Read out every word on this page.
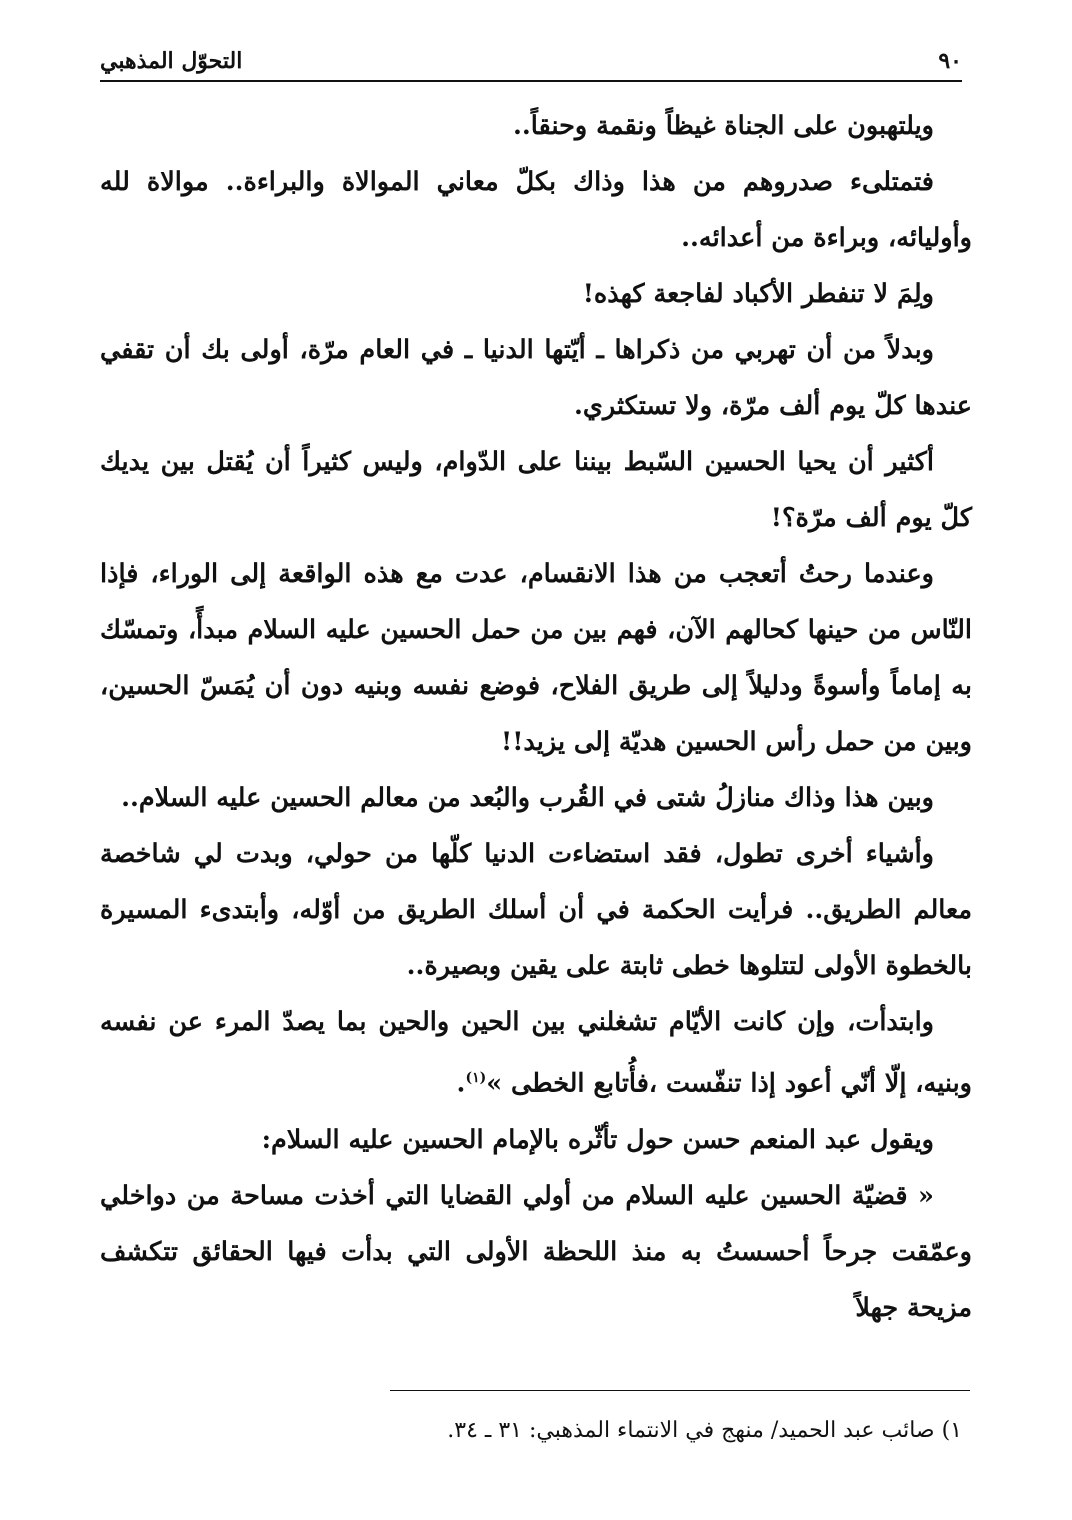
٩٠
التحوّل المذهبي

ويلتهبون على الجناة غيظاً ونقمة وحنقاً..

فتمتلىء صدروهم من هذا وذاك بكلّ معاني الموالاة والبراءة.. موالاة لله وأوليائه، وبراءة من أعدائه..

ولِمَ لا تنفطر الأكباد لفاجعة كهذه!

وبدلاً من أن تهربي من ذكراها ـ أيّتها الدنيا ـ في العام مرّة، أولى بك أن تقفي عندها كلّ يوم ألف مرّة، ولا تستكثري.

أكثير أن يحيا الحسين السّبط بيننا على الدّوام، وليس كثيراً أن يُقتل بين يديك كلّ يوم ألف مرّة؟!

وعندما رحتُ أتعجب من هذا الانقسام، عدت مع هذه الواقعة إلى الوراء، فإذا النّاس من حينها كحالهم الآن، فهم بين من حمل الحسين عليه السلام مبدأً، وتمسّك به إماماً وأسوةً ودليلاً إلى طريق الفلاح، فوضع نفسه وبنيه دون أن يُمَسّ الحسين، وبين من حمل رأس الحسين هديّة إلى يزيد!!

وبين هذا وذاك منازلُ شتى في القُرب والبُعد من معالم الحسين عليه السلام..

وأشياء أخرى تطول، فقد استضاءت الدنيا كلّها من حولي، وبدت لي شاخصة معالم الطريق.. فرأيت الحكمة في أن أسلك الطريق من أوّله، وأبتدىء المسيرة بالخطوة الأولى لتتلوها خطى ثابتة على يقين وبصيرة..

وابتدأت، وإن كانت الأيّام تشغلني بين الحين والحين بما يصدّ المرء عن نفسه وبنيه، إلّا أنّي أعود إذا تنفّست ،فأُتابع الخطى »$^{(١)}$.

ويقول عبد المنعم حسن حول تأثّره بالإمام الحسين عليه السلام:

« قضيّة الحسين عليه السلام من أولي القضايا التي أخذت مساحة من دواخلي وعمّقت جرحاً أحسستُ به منذ اللحظة الأولى التي بدأت فيها الحقائق تتكشف مزيحة جهلاً

١) صائب عبد الحميد/ منهج في الانتماء المذهبي: ٣١ ـ ٣٤.
